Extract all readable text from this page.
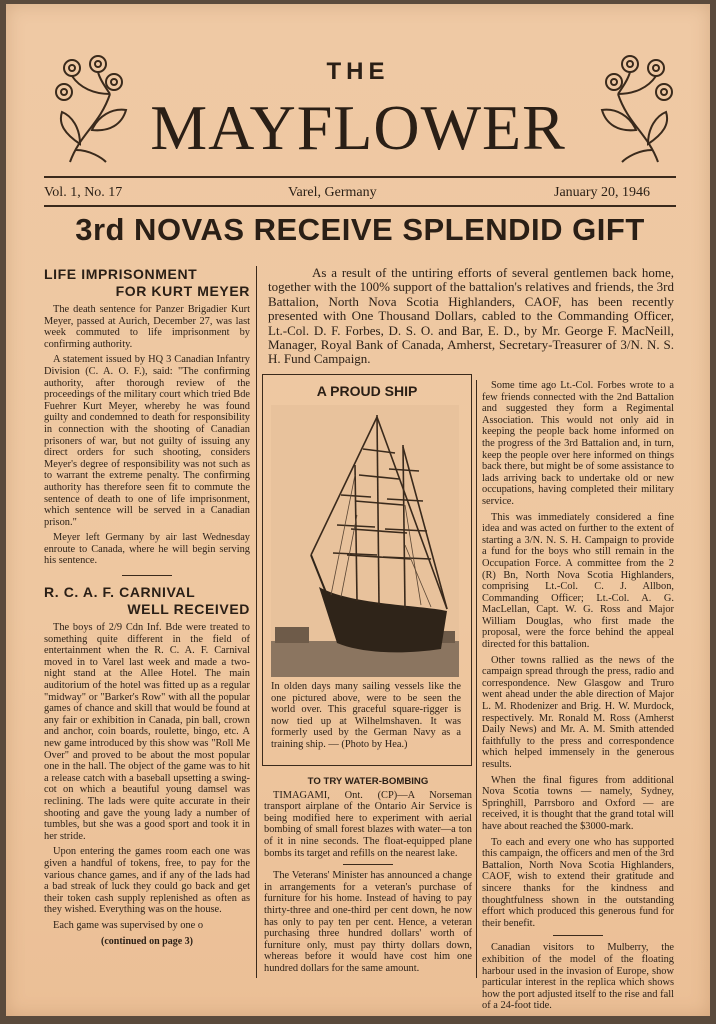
THE
MAYFLOWER
Vol. 1, No. 17	Varel, Germany	January 20, 1946
3rd NOVAS RECEIVE SPLENDID GIFT
LIFE IMPRISONMENT
FOR KURT MEYER

The death sentence for Panzer Brigadier Kurt Meyer, passed at Aurich, December 27, was last week commuted to life imprisonment by confirming authority.

A statement issued by HQ 3 Canadian Infantry Division (C. A. O. F.), said: "The confirming authority, after thorough review of the proceedings of the military court which tried Bde Fuehrer Kurt Meyer, whereby he was found guilty and condemned to death for responsibility in connection with the shooting of Canadian prisoners of war, but not guilty of issuing any direct orders for such shooting, considers Meyer's degree of responsibility was not such as to warrant the extreme penalty. The confirming authority has therefore seen fit to commute the sentence of death to one of life imprisonment, which sentence will be served in a Canadian prison."

Meyer left Germany by air last Wednesday enroute to Canada, where he will begin serving his sentence.

R. C. A. F. CARNIVAL
WELL RECEIVED

The boys of 2/9 Cdn Inf. Bde were treated to something quite different in the field of entertainment when the R. C. A. F. Carnival moved in to Varel last week and made a two-night stand at the Allee Hotel. The main auditorium of the hotel was fitted up as a regular "midway" or "Barker's Row" with all the popular games of chance and skill that would be found at any fair or exhibition in Canada, pin ball, crown and anchor, coin boards, roulette, bingo, etc. A new game introduced by this show was "Roll Me Over" and proved to be about the most popular one in the hall. The object of the game was to hit a release catch with a baseball upsetting a swing-cot on which a beautiful young damsel was reclining. The lads were quite accurate in their shooting and gave the young lady a number of tumbles, but she was a good sport and took it in her stride.

Upon entering the games room each one was given a handful of tokens, free, to pay for the various chance games, and if any of the lads had a bad streak of luck they could go back and get their token cash supply replenished as often as they wished. Everything was on the house.

Each game was supervised by one o

(continued on page 3)

As a result of the untiring efforts of several gentlemen back home, together with the 100% support of the battalion's relatives and friends, the 3rd Battalion, North Nova Scotia Highlanders, CAOF, has been recently presented with One Thousand Dollars, cabled to the Commanding Officer, Lt.-Col. D. F. Forbes, D. S. O. and Bar, E. D., by Mr. George F. MacNeill, Manager, Royal Bank of Canada, Amherst, Secretary-Treasurer of 3/N. N. S. H. Fund Campaign.

A PROUD SHIP
In olden days many sailing vessels like the one pictured above, were to be seen the world over. This graceful square-rigger is now tied up at Wilhelmshaven. It was formerly used by the German Navy as a training ship. — (Photo by Hea.)
TO TRY WATER-BOMBING

TIMAGAMI, Ont. (CP)—A Norseman transport airplane of the Ontario Air Service is being modified here to experiment with aerial bombing of small forest blazes with water—a ton of it in nine seconds. The float-equipped plane bombs its target and refills on the nearest lake.

The Veterans' Minister has announced a change in arrangements for a veteran's purchase of furniture for his home. Instead of having to pay thirty-three and one-third per cent down, he now has only to pay ten per cent. Hence, a veteran purchasing three hundred dollars' worth of furniture only, must pay thirty dollars down, whereas before it would have cost him one hundred dollars for the same amount.

Some time ago Lt.-Col. Forbes wrote to a few friends connected with the 2nd Battalion and suggested they form a Regimental Association. This would not only aid in keeping the people back home informed on the progress of the 3rd Battalion and, in turn, keep the people over here informed on things back there, but might be of some assistance to lads arriving back to undertake old or new occupations, having completed their military service.

This was immediately considered a fine idea and was acted on further to the extent of starting a 3/N. N. S. H. Campaign to provide a fund for the boys who still remain in the Occupation Force. A committee from the 2 (R) Bn, North Nova Scotia Highlanders, comprising Lt.-Col. C. J. Allbon, Commanding Officer; Lt.-Col. A. G. MacLellan, Capt. W. G. Ross and Major William Douglas, who first made the proposal, were the force behind the appeal directed for this battalion.

Other towns rallied as the news of the campaign spread through the press, radio and correspondence. New Glasgow and Truro went ahead under the able direction of Major L. M. Rhodenizer and Brig. H. W. Murdock, respectively. Mr. Ronald M. Ross (Amherst Daily News) and Mr. A. M. Smith attended faithfully to the press and correspondence which helped immensely in the generous results.

When the final figures from additional Nova Scotia towns — namely, Sydney, Springhill, Parrsboro and Oxford — are received, it is thought that the grand total will have about reached the $3000-mark.

To each and every one who has supported this campaign, the officers and men of the 3rd Battalion, North Nova Scotia Highlanders, CAOF, wish to extend their gratitude and sincere thanks for the kindness and thoughtfulness shown in the outstanding effort which produced this generous fund for their benefit.

Canadian visitors to Mulberry, the exhibition of the model of the floating harbour used in the invasion of Europe, show particular interest in the replica which shows how the port adjusted itself to the rise and fall of a 24-foot tide.
